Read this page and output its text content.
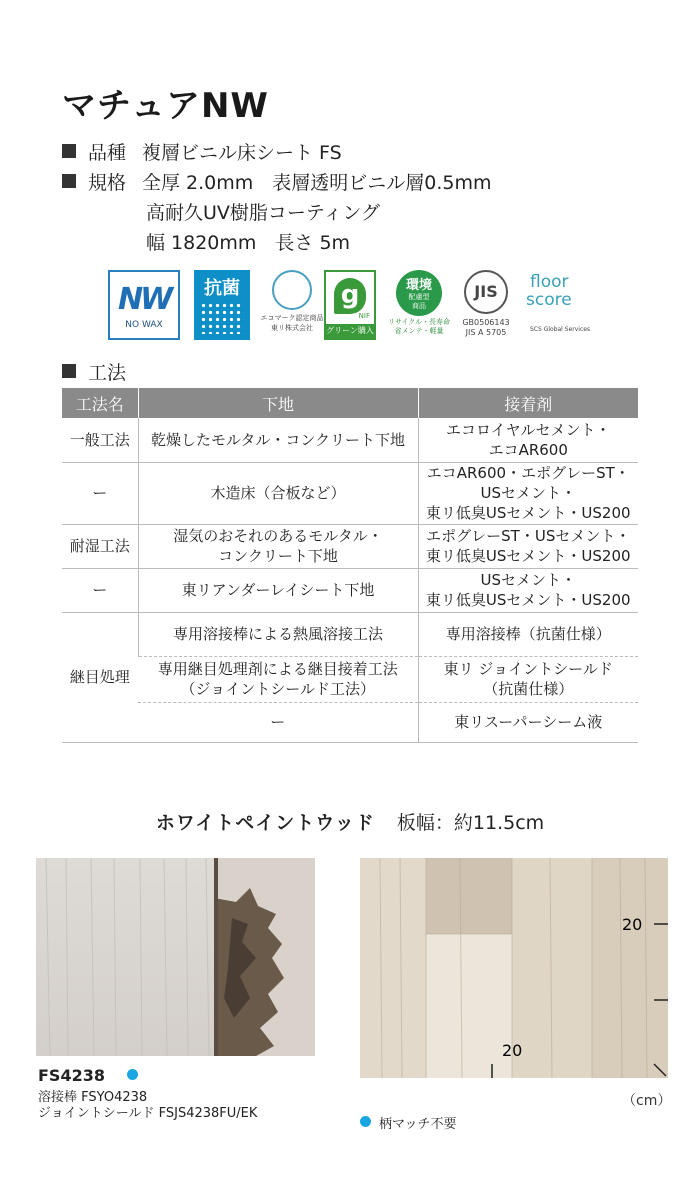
マチュアNW
品種 複層ビニル床シート FS
規格 全厚 2.0mm　表層透明ビニル層0.5mm
高耐久UV樹脂コーティング
幅 1820mm　長さ 5m
NW
NO WAX
抗菌
エコマーク認定商品
東リ株式会社
g
NIF
グリーン購入法適合
環境
配慮型
商品
リサイクル・長寿命
省メンテ・軽量
JIS
GB0506143
JIS A 5705
floor
score
SCS Global Services
工法
工法名	下地	接着剤
一般工法	乾燥したモルタル・コンクリート下地	エコロイヤルセメント・
エコAR600
ー	木造床（合板など）	エコAR600・エポグレーST・
USセメント・
東リ低臭USセメント・US200
耐湿工法	湿気のおそれのあるモルタル・
コンクリート下地	エポグレーST・USセメント・
東リ低臭USセメント・US200
ー	東リアンダーレイシート下地	USセメント・
東リ低臭USセメント・US200
継目処理	専用溶接棒による熱風溶接工法	専用溶接棒（抗菌仕様）
	専用継目処理剤による継目接着工法
（ジョイントシールド工法）	東リ ジョイントシールド
（抗菌仕様）
	ー	東リスーパーシーム液
ホワイトペイントウッド 板幅：約11.5cm
20
20
FS4238
溶接棒 FSYO4238
ジョイントシールド FSJS4238FU/EK
（cm）
柄マッチ不要
